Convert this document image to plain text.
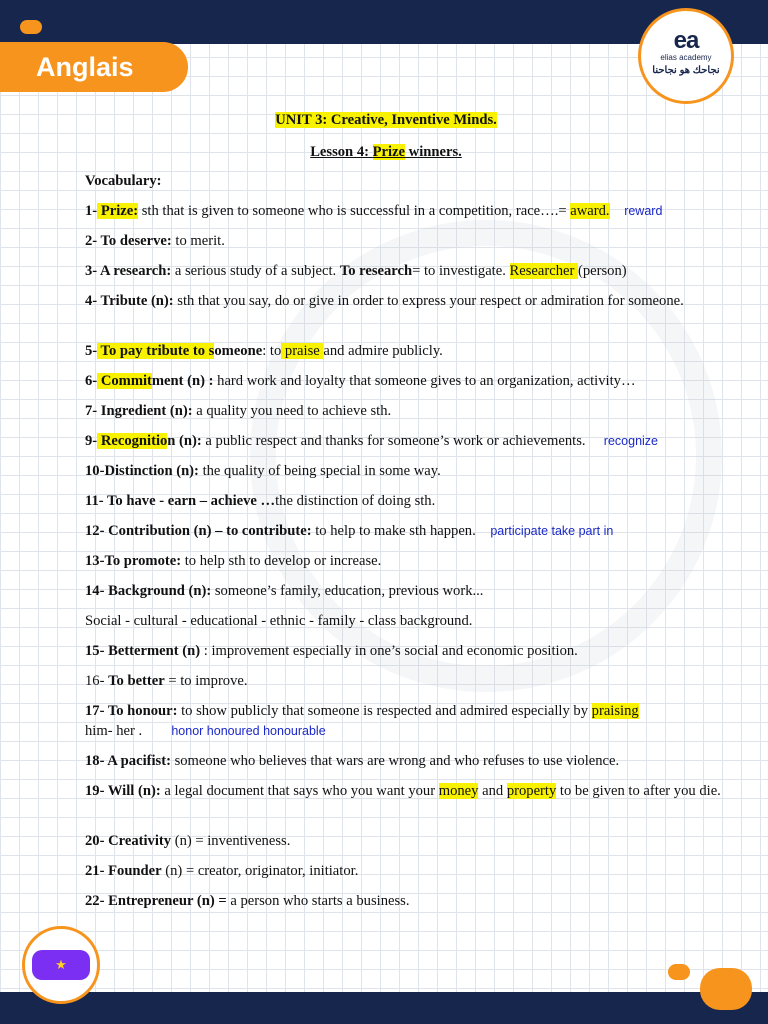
Anglais
ea
elias academy
نجاحك هو نجاحنا

UNIT 3: Creative, Inventive Minds.

Lesson 4: Prize winners.

Vocabulary:
1- Prize: sth that is given to someone who is successful in a competition, race….= award. reward
2- To deserve: to merit.
3- A research: a serious study of a subject. To research= to investigate. Researcher (person)
4- Tribute (n): sth that you say, do or give in order to express your respect or admiration for someone.
5- To pay tribute to someone: to praise and admire publicly.
6- Commitment (n) : hard work and loyalty that someone gives to an organization, activity…
7- Ingredient (n): a quality you need to achieve sth.
9- Recognition (n): a public respect and thanks for someone’s work or achievements. recognize
10-Distinction (n): the quality of being special in some way.
11- To have - earn – achieve …the distinction of doing sth.
12- Contribution (n) – to contribute: to help to make sth happen. participate take part in
13-To promote: to help sth to develop or increase.
14- Background (n): someone’s family, education, previous work...
Social - cultural - educational - ethnic - family - class background.
15- Betterment (n) : improvement especially in one’s social and economic position.
16- To better = to improve.
17- To honour: to show publicly that someone is respected and admired especially by praising
him- her . honor honoured honourable
18- A pacifist: someone who believes that wars are wrong and who refuses to use violence.
19- Will (n): a legal document that says who you want your money and property to be given to after you die.
20- Creativity (n) = inventiveness.
21- Founder (n) = creator, originator, initiator.
22- Entrepreneur (n) = a person who starts a business.
★
